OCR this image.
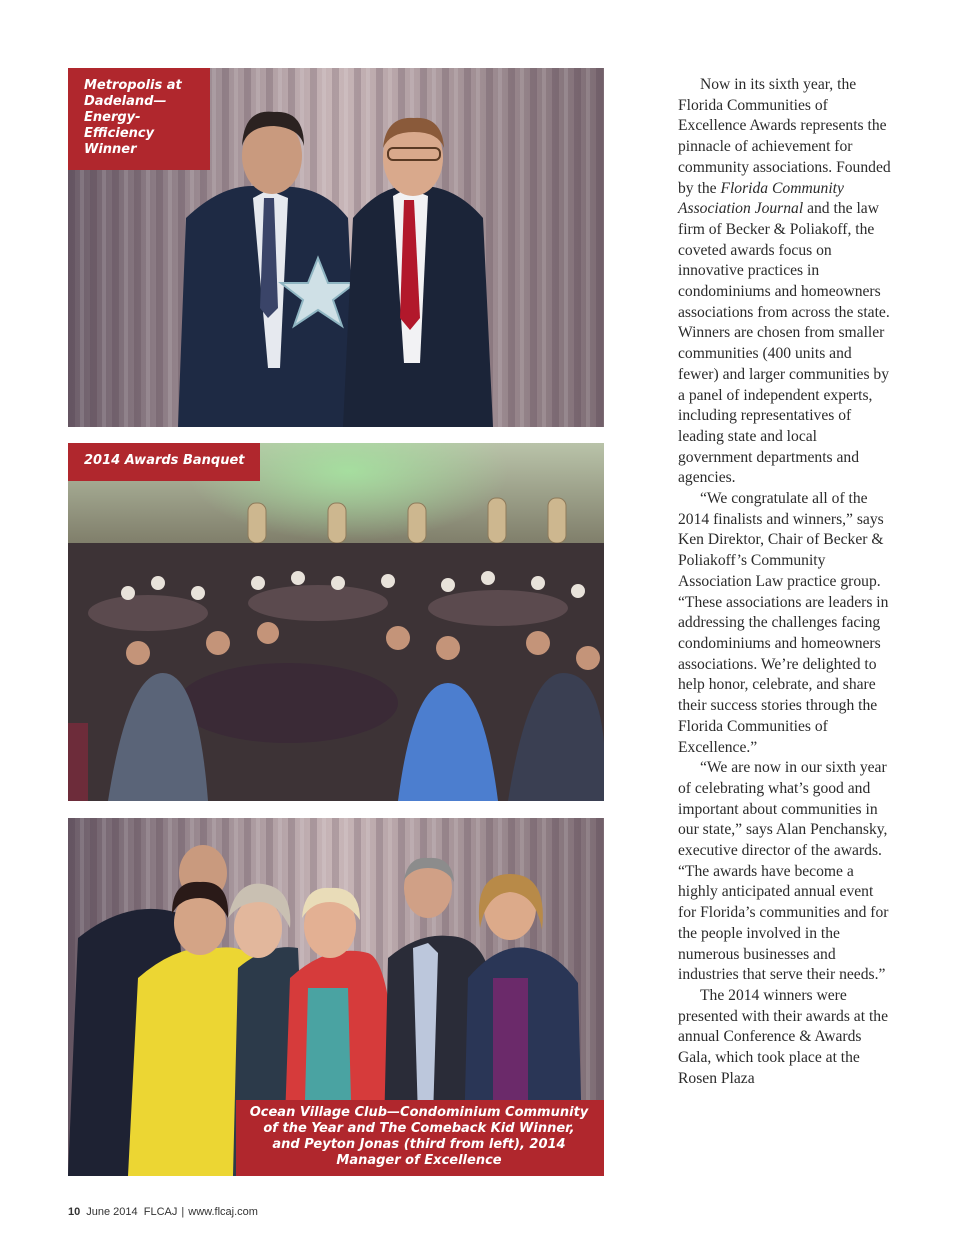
Metropolis at Dadeland—Energy-Efficiency Winner
2014 Awards Banquet
Ocean Village Club—Condominium Community of the Year and The Comeback Kid Winner, and Peyton Jonas (third from left), 2014 Manager of Excellence

Now in its sixth year, the Florida Communities of Excellence Awards represents the pinnacle of achievement for community associations. Founded by the Florida Community Association Journal and the law firm of Becker & Poliakoff, the coveted awards focus on innovative practices in condominiums and homeowners associations from across the state. Winners are chosen from smaller communities (400 units and fewer) and larger communities by a panel of independent experts, including representatives of leading state and local government departments and agencies.

“We congratulate all of the 2014 finalists and winners,” says Ken Direktor, Chair of Becker & Poliakoff’s Community Association Law practice group. “These associations are leaders in addressing the challenges facing condominiums and homeowners associations. We’re delighted to help honor, celebrate, and share their success stories through the Florida Communities of Excellence.”

“We are now in our sixth year of celebrating what’s good and important about communities in our state,” says Alan Penchansky, executive director of the awards. “The awards have become a highly anticipated annual event for Florida’s communities and for the people involved in the numerous businesses and industries that serve their needs.”

The 2014 winners were presented with their awards at the annual Conference & Awards Gala, which took place at the Rosen Plaza

10 June 2014 FLCAJ | www.flcaj.com
